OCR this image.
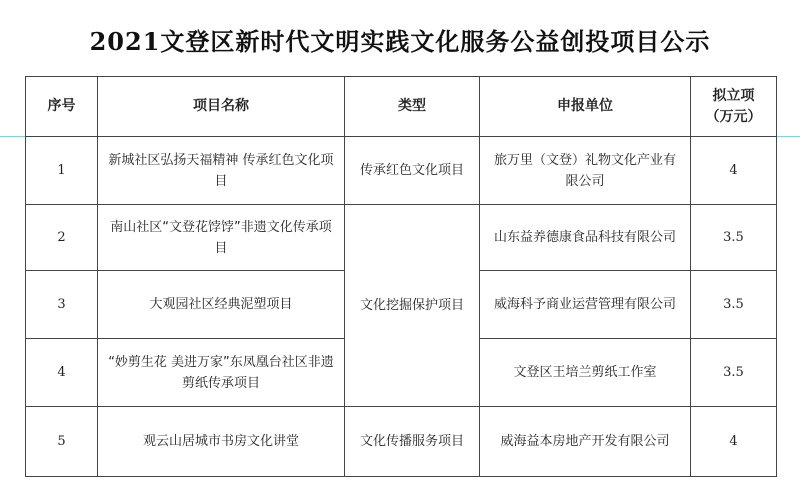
2021文登区新时代文明实践文化服务公益创投项目公示
序号	项目名称	类型	申报单位	拟立项（万元）
1	新城社区弘扬天福精神 传承红色文化项目	传承红色文化项目	旅万里（文登）礼物文化产业有限公司	4
2	南山社区“文登花饽饽”非遗文化传承项目	文化挖掘保护项目	山东益养德康食品科技有限公司	3.5
3	大观园社区经典泥塑项目		威海科予商业运营管理有限公司	3.5
4	“妙剪生花 美进万家”东凤凰台社区非遗剪纸传承项目		文登区王培兰剪纸工作室	3.5
5	观云山居城市书房文化讲堂	文化传播服务项目	威海益本房地产开发有限公司	4
